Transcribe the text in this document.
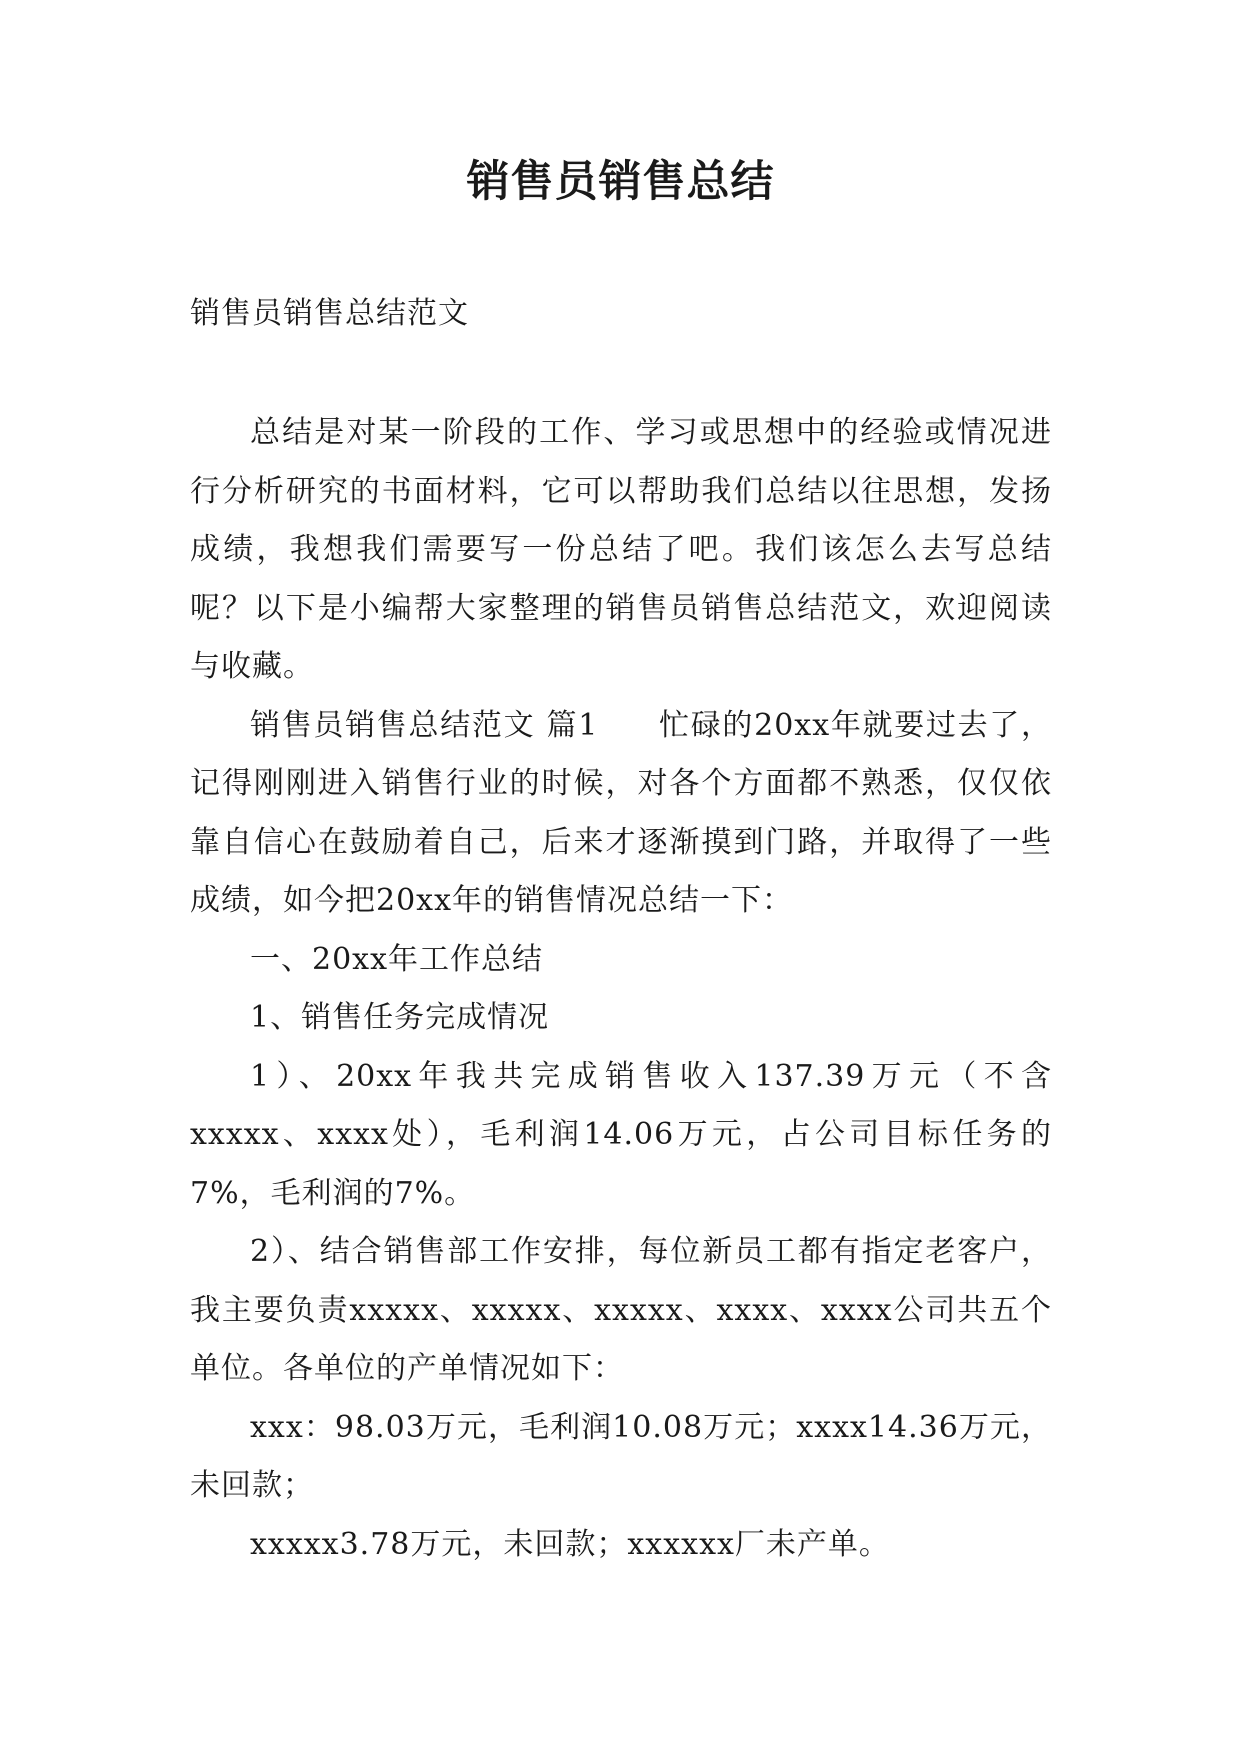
销售员销售总结

销售员销售总结范文

总结是对某一阶段的工作、学习或思想中的经验或情况进行分析研究的书面材料，它可以帮助我们总结以往思想，发扬成绩，我想我们需要写一份总结了吧。我们该怎么去写总结呢？以下是小编帮大家整理的销售员销售总结范文，欢迎阅读与收藏。

销售员销售总结范文 篇1 忙碌的20xx年就要过去了，记得刚刚进入销售行业的时候，对各个方面都不熟悉，仅仅依靠自信心在鼓励着自己，后来才逐渐摸到门路，并取得了一些成绩，如今把20xx年的销售情况总结一下：

一、20xx年工作总结

1、销售任务完成情况

1）、20xx年我共完成销售收入137.39万元（不含xxxxx、xxxx处），毛利润14.06万元，占公司目标任务的7%，毛利润的7%。

2）、结合销售部工作安排，每位新员工都有指定老客户，我主要负责xxxxx、xxxxx、xxxxx、xxxx、xxxx公司共五个单位。各单位的产单情况如下：

xxx：98.03万元，毛利润10.08万元；xxxx14.36万元，未回款；

xxxxx3.78万元，未回款；xxxxxx厂未产单。
